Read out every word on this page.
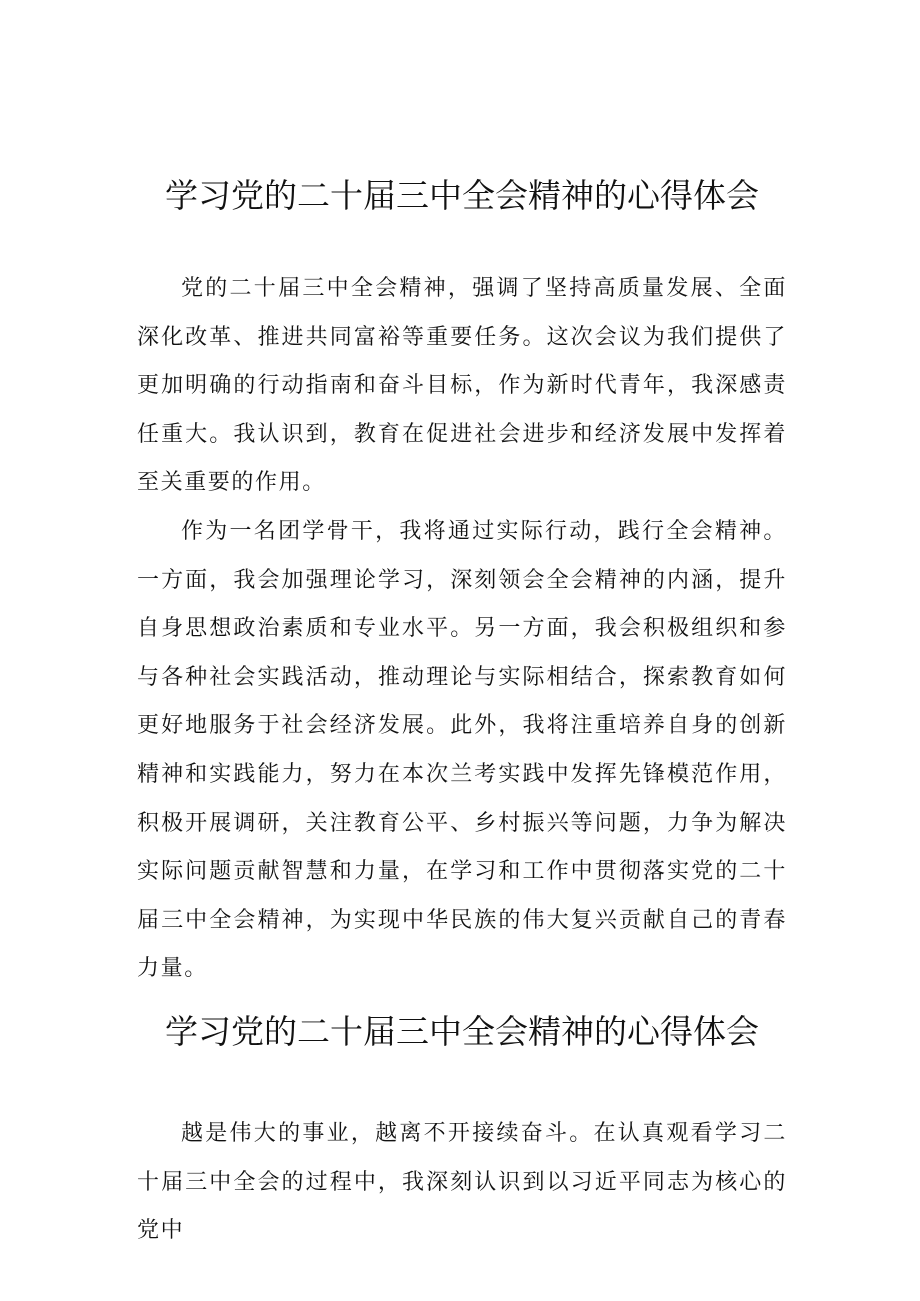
学习党的二十届三中全会精神的心得体会

党的二十届三中全会精神，强调了坚持高质量发展、全面深化改革、推进共同富裕等重要任务。这次会议为我们提供了更加明确的行动指南和奋斗目标，作为新时代青年，我深感责任重大。我认识到，教育在促进社会进步和经济发展中发挥着至关重要的作用。

作为一名团学骨干，我将通过实际行动，践行全会精神。一方面，我会加强理论学习，深刻领会全会精神的内涵，提升自身思想政治素质和专业水平。另一方面，我会积极组织和参与各种社会实践活动，推动理论与实际相结合，探索教育如何更好地服务于社会经济发展。此外，我将注重培养自身的创新精神和实践能力，努力在本次兰考实践中发挥先锋模范作用，积极开展调研，关注教育公平、乡村振兴等问题，力争为解决实际问题贡献智慧和力量，在学习和工作中贯彻落实党的二十届三中全会精神，为实现中华民族的伟大复兴贡献自己的青春力量。

学习党的二十届三中全会精神的心得体会

越是伟大的事业，越离不开接续奋斗。在认真观看学习二十届三中全会的过程中，我深刻认识到以习近平同志为核心的党中
